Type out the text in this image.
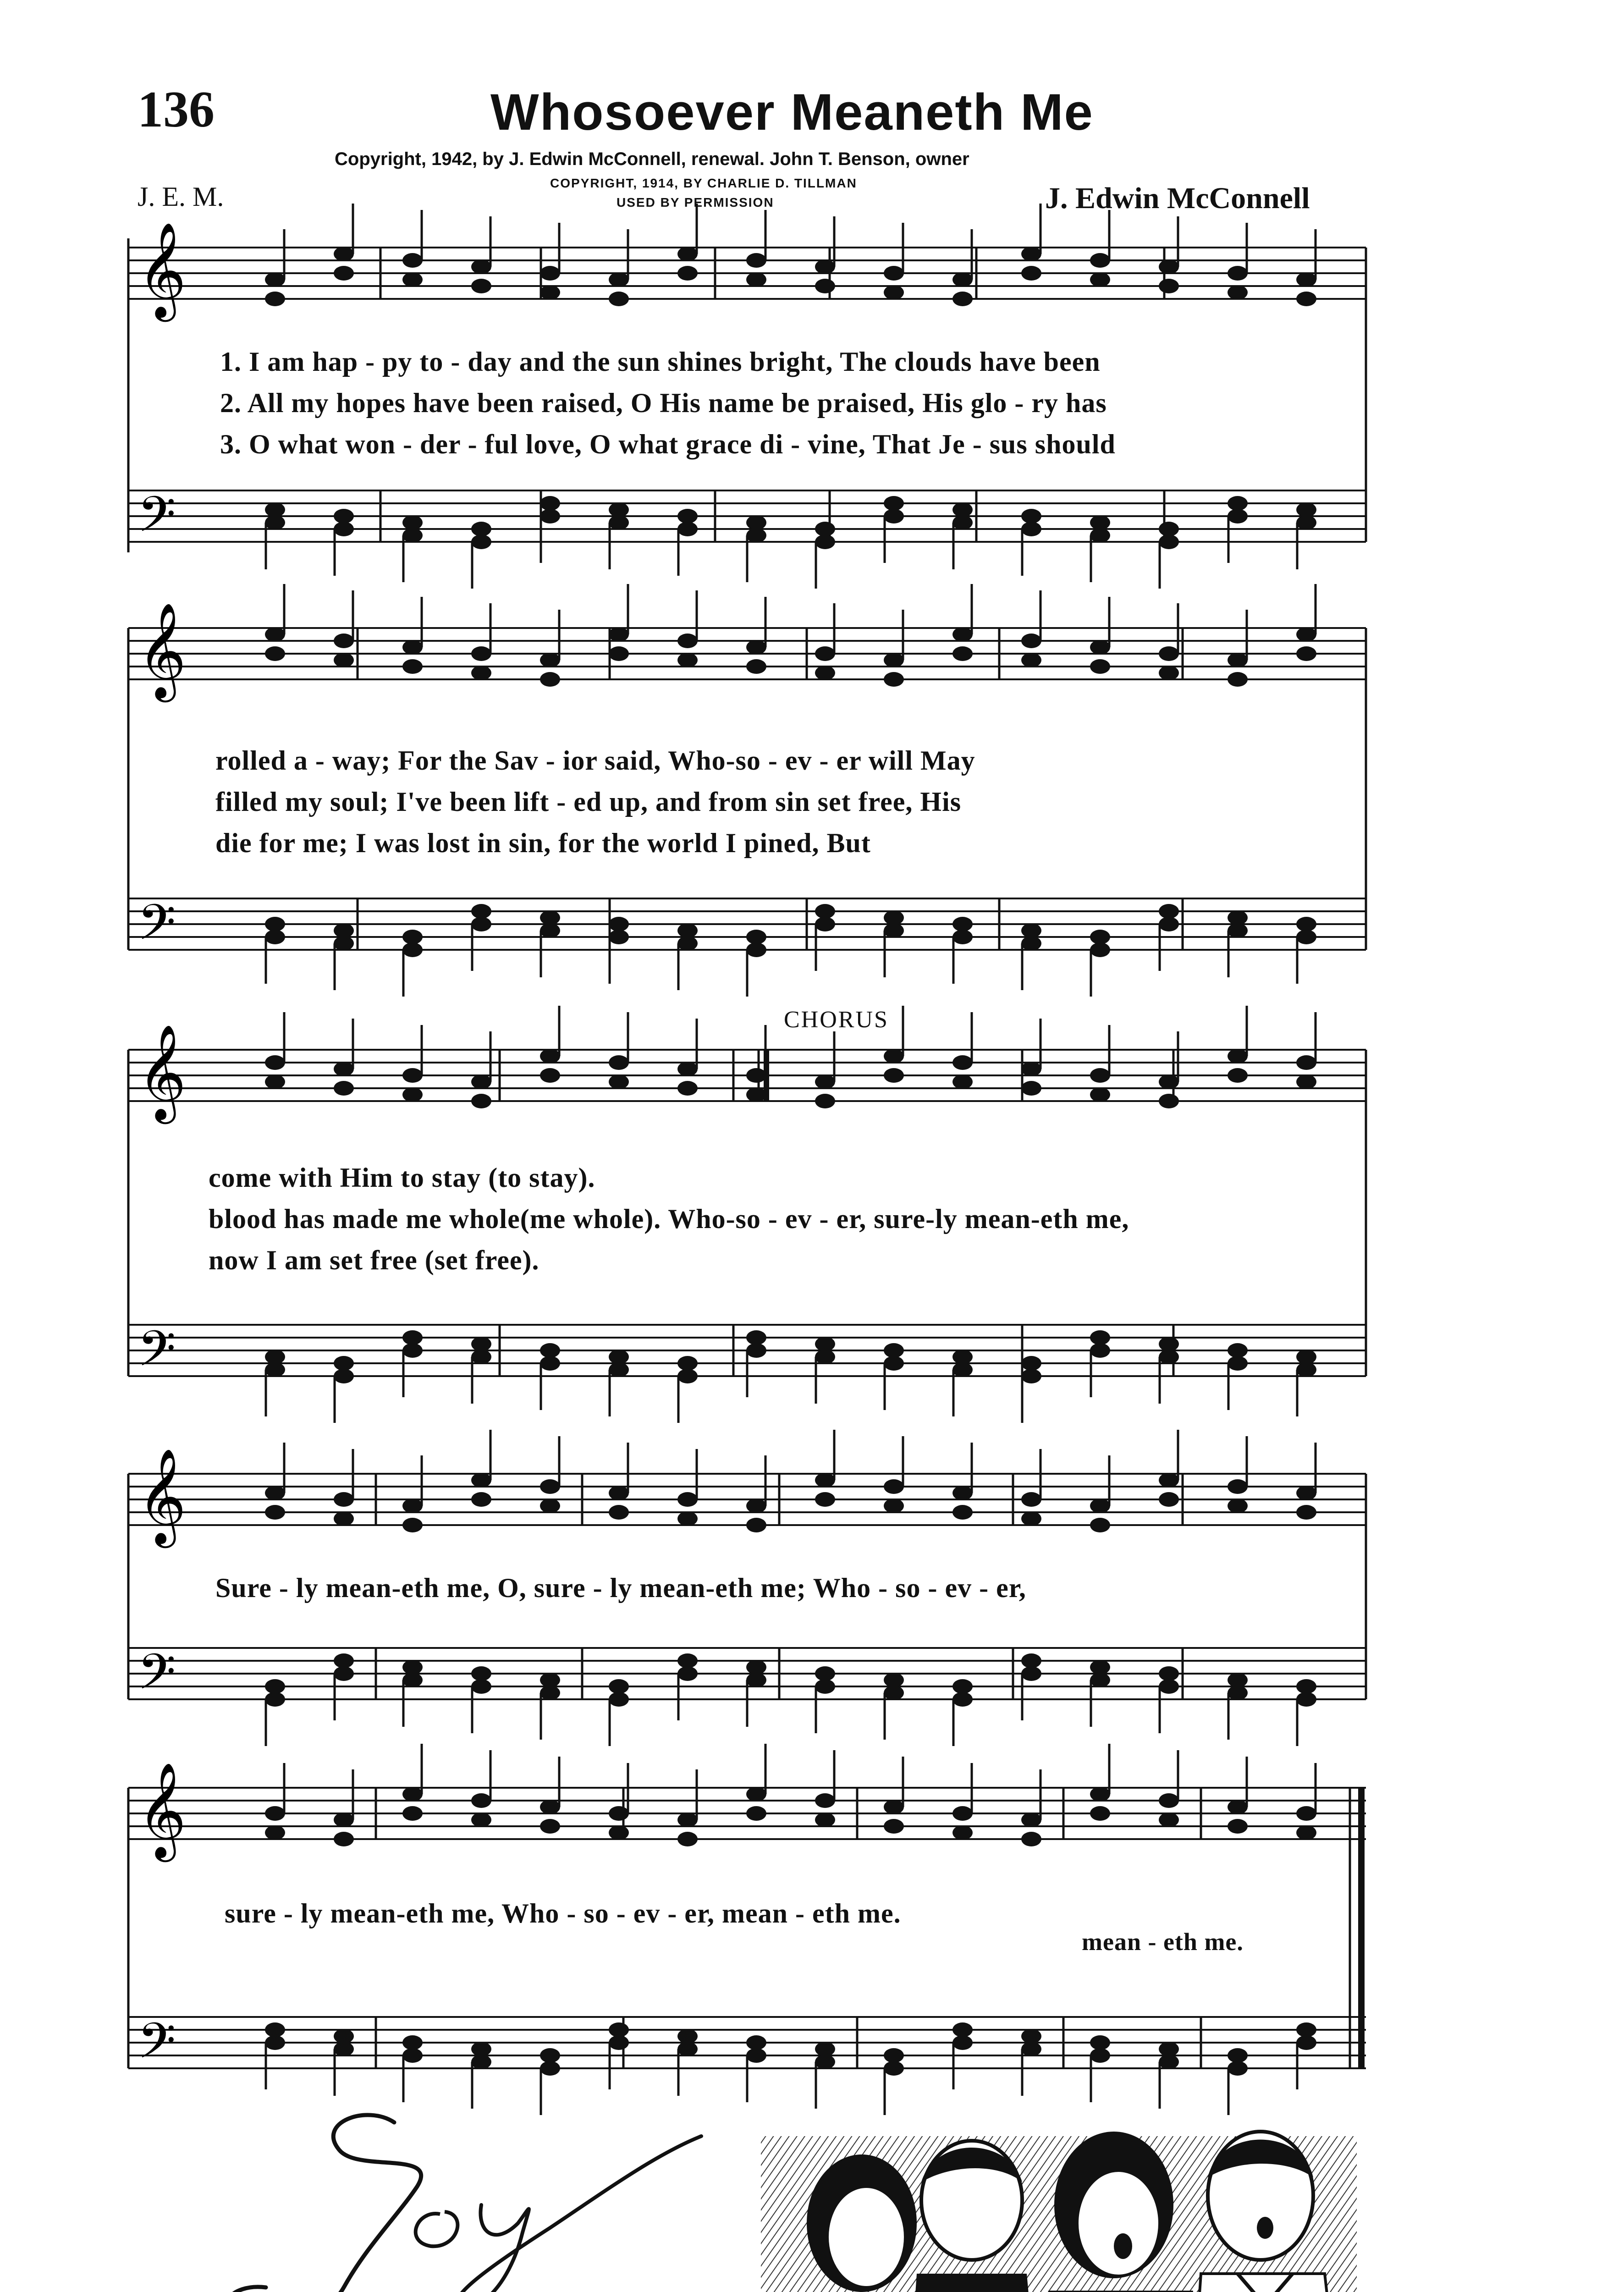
136	Whosoever Meaneth Me
Copyright, 1942, by J. Edwin McConnell, renewal. John T. Benson, owner
COPYRIGHT, 1914, BY CHARLIE D. TILLMAN
USED BY PERMISSION
J. E. M.	J. Edwin McConnell
𝄞
𝄢
𝄞
𝄢
𝄞
𝄢
𝄞
𝄢
𝄞
𝄢
1. I am hap - py to - day and the sun shines bright, The clouds have been
2. All my hopes have been raised, O His name be praised, His glo - ry has
3. O what won - der - ful love, O what grace di - vine, That Je - sus should
rolled a - way; For the Sav - ior said, Who-so - ev - er will May
filled my soul; I've been lift - ed up, and from sin set free, His
die for me; I was lost in sin, for the world I pined, But
CHORUS
come with Him to stay (to stay).
blood has made me whole(me whole). Who-so - ev - er, sure-ly mean-eth me,
now I am set free (set free).
Sure - ly mean-eth me, O, sure - ly mean-eth me; Who - so - ev - er,
sure - ly mean-eth me, Who - so - ev - er, mean - eth me.
mean - eth me.
